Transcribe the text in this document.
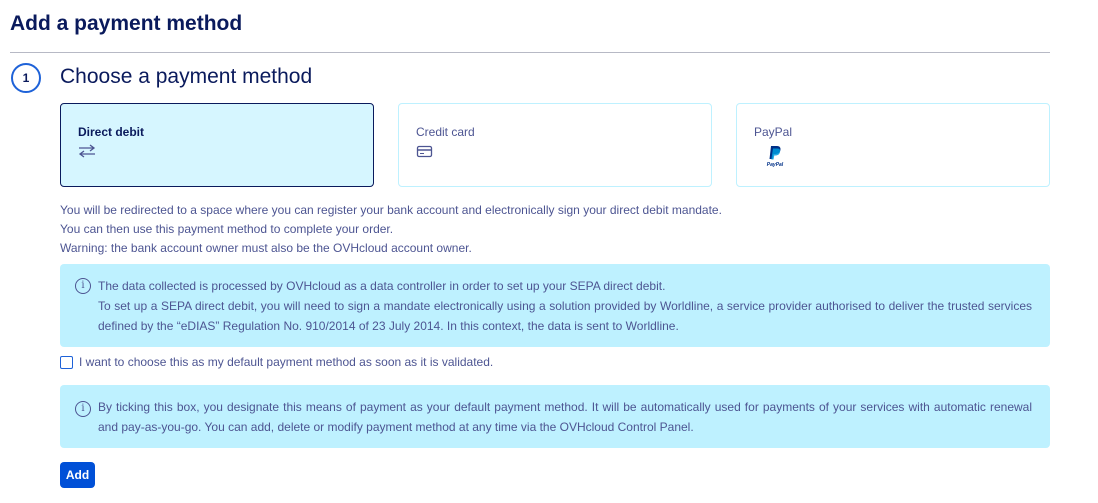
Add a payment method
1	Choose a payment method
Direct debit	Credit card	PayPal
PayPal
You will be redirected to a space where you can register your bank account and electronically sign your direct debit mandate.
You can then use this payment method to complete your order.
Warning: the bank account owner must also be the OVHcloud account owner.
i	The data collected is processed by OVHcloud as a data controller in order to set up your SEPA direct debit.

To set up a SEPA direct debit, you will need to sign a mandate electronically using a solution provided by Worldline, a service provider authorised to deliver the trusted services defined by the “eDIAS” Regulation No. 910/2014 of 23 July 2014. In this context, the data is sent to Worldline.

I want to choose this as my default payment method as soon as it is validated.
i	By ticking this box, you designate this means of payment as your default payment method. It will be automatically used for payments of your services with automatic renewal and pay-as-you-go. You can add, delete or modify payment method at any time via the OVHcloud Control Panel.

Add
